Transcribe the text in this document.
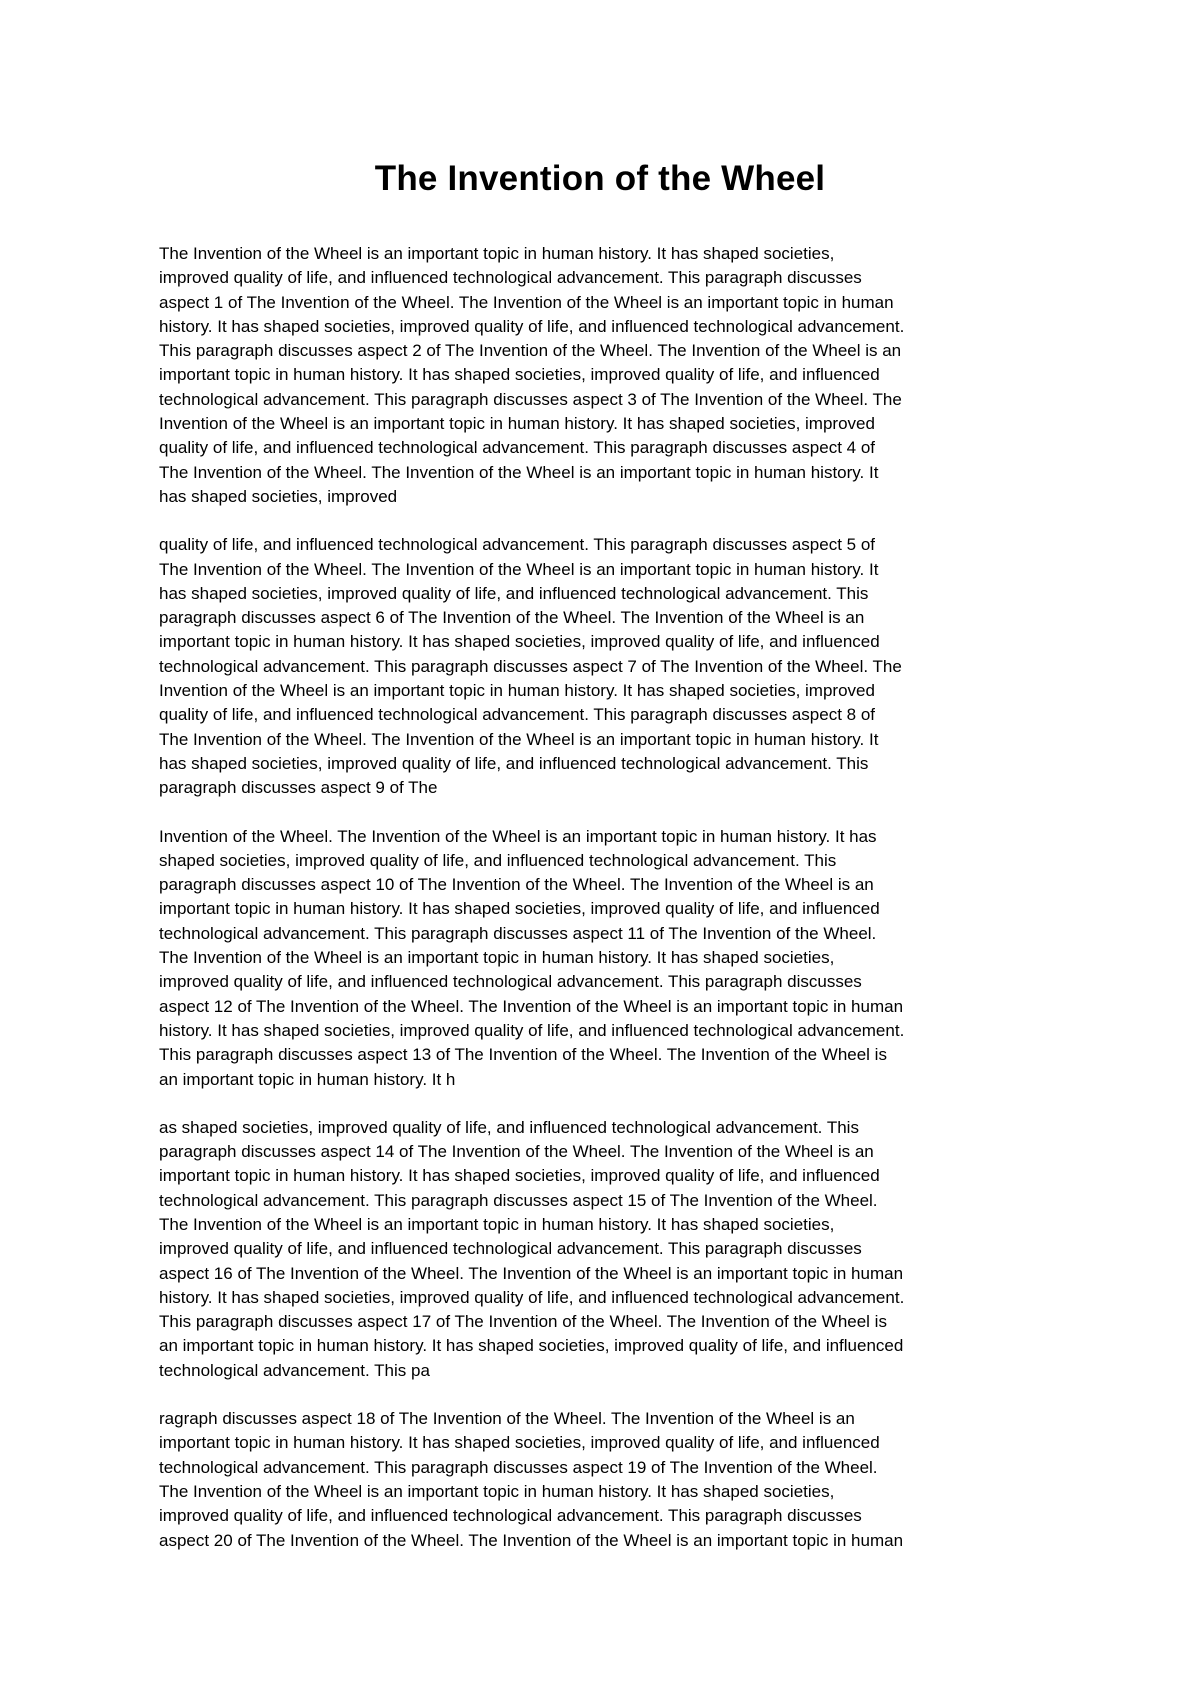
The Invention of the Wheel

The Invention of the Wheel is an important topic in human history. It has shaped societies,
improved quality of life, and influenced technological advancement. This paragraph discusses
aspect 1 of The Invention of the Wheel. The Invention of the Wheel is an important topic in human
history. It has shaped societies, improved quality of life, and influenced technological advancement.
This paragraph discusses aspect 2 of The Invention of the Wheel. The Invention of the Wheel is an
important topic in human history. It has shaped societies, improved quality of life, and influenced
technological advancement. This paragraph discusses aspect 3 of The Invention of the Wheel. The
Invention of the Wheel is an important topic in human history. It has shaped societies, improved
quality of life, and influenced technological advancement. This paragraph discusses aspect 4 of
The Invention of the Wheel. The Invention of the Wheel is an important topic in human history. It
has shaped societies, improved

quality of life, and influenced technological advancement. This paragraph discusses aspect 5 of
The Invention of the Wheel. The Invention of the Wheel is an important topic in human history. It
has shaped societies, improved quality of life, and influenced technological advancement. This
paragraph discusses aspect 6 of The Invention of the Wheel. The Invention of the Wheel is an
important topic in human history. It has shaped societies, improved quality of life, and influenced
technological advancement. This paragraph discusses aspect 7 of The Invention of the Wheel. The
Invention of the Wheel is an important topic in human history. It has shaped societies, improved
quality of life, and influenced technological advancement. This paragraph discusses aspect 8 of
The Invention of the Wheel. The Invention of the Wheel is an important topic in human history. It
has shaped societies, improved quality of life, and influenced technological advancement. This
paragraph discusses aspect 9 of The

Invention of the Wheel. The Invention of the Wheel is an important topic in human history. It has
shaped societies, improved quality of life, and influenced technological advancement. This
paragraph discusses aspect 10 of The Invention of the Wheel. The Invention of the Wheel is an
important topic in human history. It has shaped societies, improved quality of life, and influenced
technological advancement. This paragraph discusses aspect 11 of The Invention of the Wheel.
The Invention of the Wheel is an important topic in human history. It has shaped societies,
improved quality of life, and influenced technological advancement. This paragraph discusses
aspect 12 of The Invention of the Wheel. The Invention of the Wheel is an important topic in human
history. It has shaped societies, improved quality of life, and influenced technological advancement.
This paragraph discusses aspect 13 of The Invention of the Wheel. The Invention of the Wheel is
an important topic in human history. It h

as shaped societies, improved quality of life, and influenced technological advancement. This
paragraph discusses aspect 14 of The Invention of the Wheel. The Invention of the Wheel is an
important topic in human history. It has shaped societies, improved quality of life, and influenced
technological advancement. This paragraph discusses aspect 15 of The Invention of the Wheel.
The Invention of the Wheel is an important topic in human history. It has shaped societies,
improved quality of life, and influenced technological advancement. This paragraph discusses
aspect 16 of The Invention of the Wheel. The Invention of the Wheel is an important topic in human
history. It has shaped societies, improved quality of life, and influenced technological advancement.
This paragraph discusses aspect 17 of The Invention of the Wheel. The Invention of the Wheel is
an important topic in human history. It has shaped societies, improved quality of life, and influenced
technological advancement. This pa

ragraph discusses aspect 18 of The Invention of the Wheel. The Invention of the Wheel is an
important topic in human history. It has shaped societies, improved quality of life, and influenced
technological advancement. This paragraph discusses aspect 19 of The Invention of the Wheel.
The Invention of the Wheel is an important topic in human history. It has shaped societies,
improved quality of life, and influenced technological advancement. This paragraph discusses
aspect 20 of The Invention of the Wheel. The Invention of the Wheel is an important topic in human
